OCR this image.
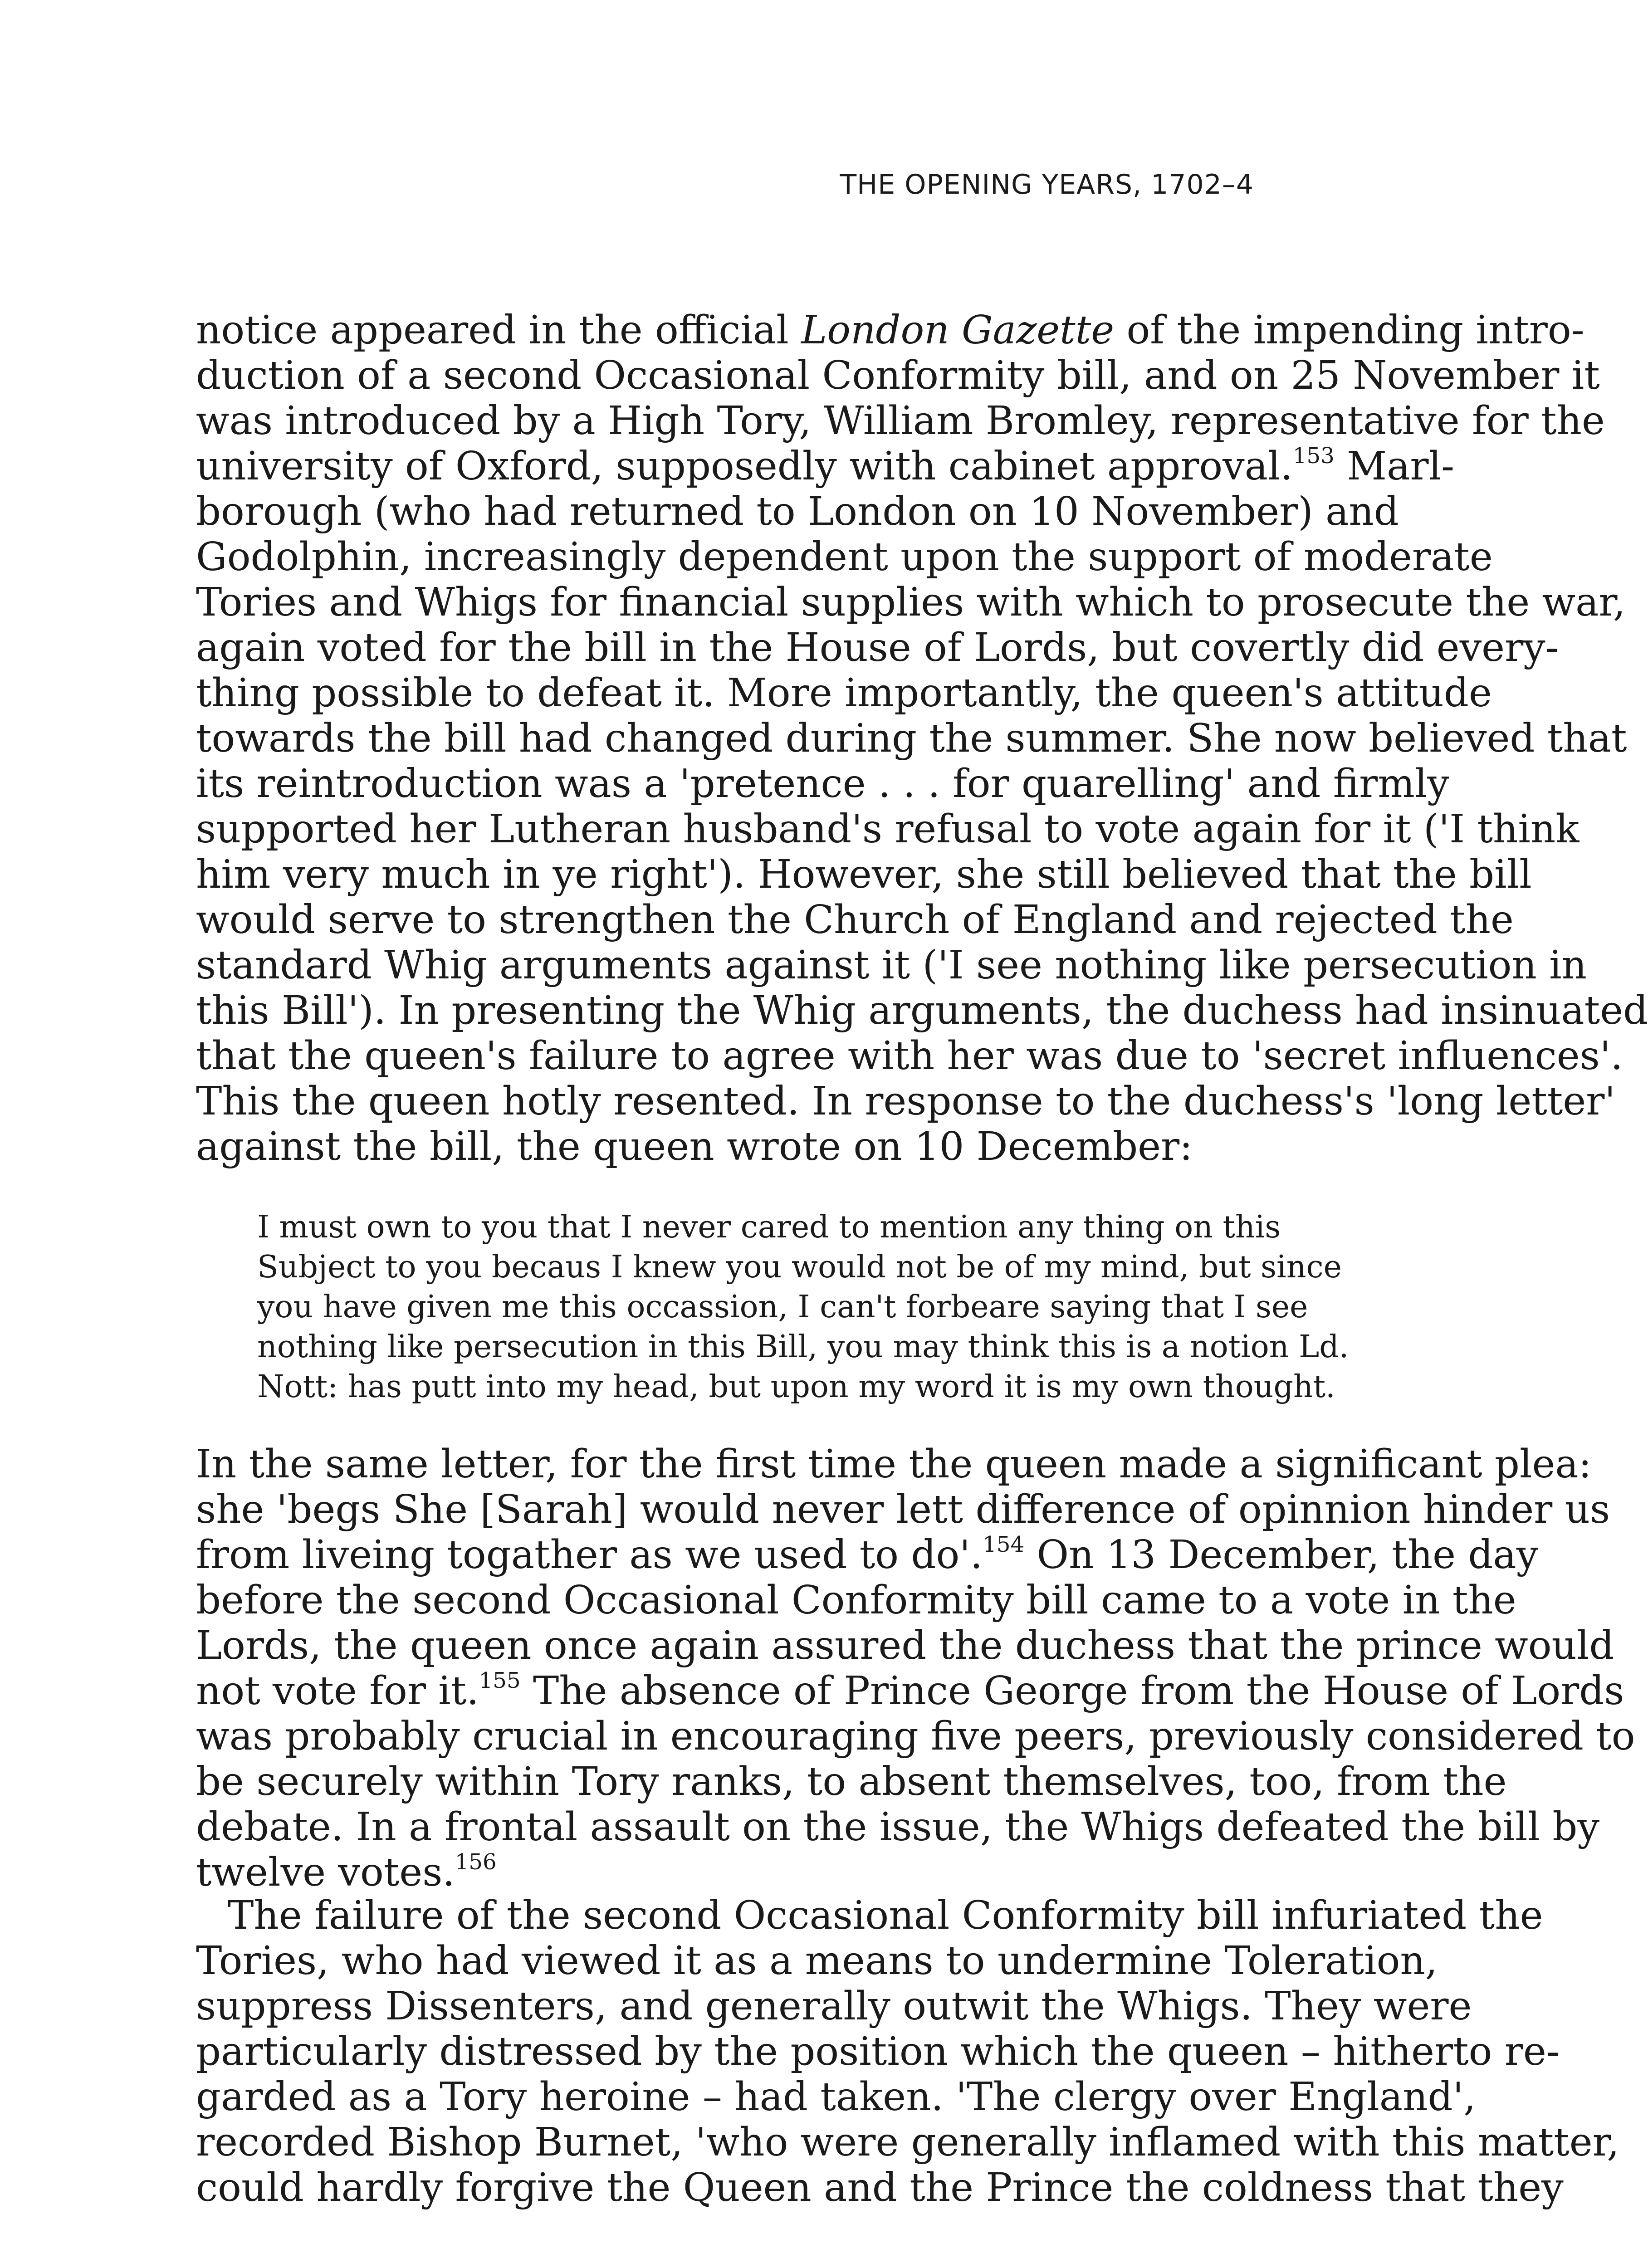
THE OPENING YEARS, 1702–4
notice appeared in the official London Gazette of the impending intro-
duction of a second Occasional Conformity bill, and on 25 November it
was introduced by a High Tory, William Bromley, representative for the
university of Oxford, supposedly with cabinet approval.$^{153}$ Marl-
borough (who had returned to London on 10 November) and
Godolphin, increasingly dependent upon the support of moderate
Tories and Whigs for financial supplies with which to prosecute the war,
again voted for the bill in the House of Lords, but covertly did every-
thing possible to defeat it. More importantly, the queen's attitude
towards the bill had changed during the summer. She now believed that
its reintroduction was a 'pretence . . . for quarelling' and firmly
supported her Lutheran husband's refusal to vote again for it ('I think
him very much in ye right'). However, she still believed that the bill
would serve to strengthen the Church of England and rejected the
standard Whig arguments against it ('I see nothing like persecution in
this Bill'). In presenting the Whig arguments, the duchess had insinuated
that the queen's failure to agree with her was due to 'secret influences'.
This the queen hotly resented. In response to the duchess's 'long letter'
against the bill, the queen wrote on 10 December:
I must own to you that I never cared to mention any thing on this
Subject to you becaus I knew you would not be of my mind, but since
you have given me this occassion, I can't forbeare saying that I see
nothing like persecution in this Bill, you may think this is a notion Ld.
Nott: has putt into my head, but upon my word it is my own thought.
In the same letter, for the first time the queen made a significant plea:
she 'begs She [Sarah] would never lett difference of opinnion hinder us
from liveing togather as we used to do'.$^{154}$ On 13 December, the day
before the second Occasional Conformity bill came to a vote in the
Lords, the queen once again assured the duchess that the prince would
not vote for it.$^{155}$ The absence of Prince George from the House of Lords
was probably crucial in encouraging five peers, previously considered to
be securely within Tory ranks, to absent themselves, too, from the
debate. In a frontal assault on the issue, the Whigs defeated the bill by
twelve votes.$^{156}$
The failure of the second Occasional Conformity bill infuriated the
Tories, who had viewed it as a means to undermine Toleration,
suppress Dissenters, and generally outwit the Whigs. They were
particularly distressed by the position which the queen – hitherto re-
garded as a Tory heroine – had taken. 'The clergy over England',
recorded Bishop Burnet, 'who were generally inflamed with this matter,
could hardly forgive the Queen and the Prince the coldness that they
